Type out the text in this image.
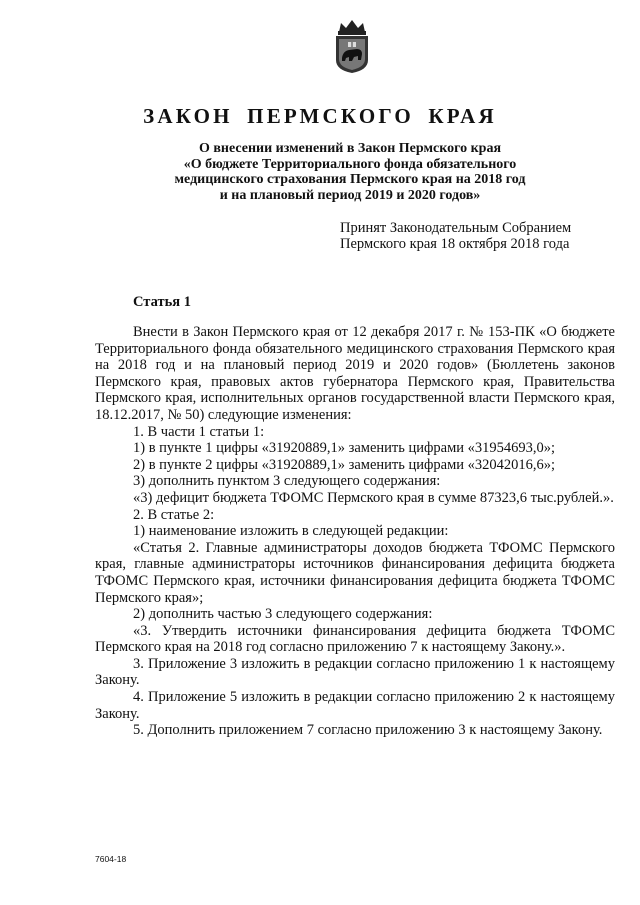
ЗАКОН ПЕРМСКОГО КРАЯ
О внесении изменений в Закон Пермского края
«О бюджете Территориального фонда обязательного
медицинского страхования Пермского края на 2018 год
и на плановый период 2019 и 2020 годов»
Принят Законодательным Собранием
Пермского края 18 октября 2018 года
Статья 1

Внести в Закон Пермского края от 12 декабря 2017 г. № 153-ПК «О бюджете Территориального фонда обязательного медицинского страхования Пермского края на 2018 год и на плановый период 2019 и 2020 годов» (Бюллетень законов Пермского края, правовых актов губернатора Пермского края, Правительства Пермского края, исполнительных органов государственной власти Пермского края, 18.12.2017, № 50) следующие изменения:

1. В части 1 статьи 1:

1) в пункте 1 цифры «31920889,1» заменить цифрами «31954693,0»;

2) в пункте 2 цифры «31920889,1» заменить цифрами «32042016,6»;

3) дополнить пунктом 3 следующего содержания:

«3) дефицит бюджета ТФОМС Пермского края в сумме 87323,6 тыс.рублей.».

2. В статье 2:

1) наименование изложить в следующей редакции:

«Статья 2. Главные администраторы доходов бюджета ТФОМС Пермского края, главные администраторы источников финансирования дефицита бюджета ТФОМС Пермского края, источники финансирования дефицита бюджета ТФОМС Пермского края»;

2) дополнить частью 3 следующего содержания:

«3. Утвердить источники финансирования дефицита бюджета ТФОМС Пермского края на 2018 год согласно приложению 7 к настоящему Закону.».

3. Приложение 3 изложить в редакции согласно приложению 1 к настоящему Закону.

4. Приложение 5 изложить в редакции согласно приложению 2 к настоящему Закону.

5. Дополнить приложением 7 согласно приложению 3 к настоящему Закону.

7604-18
